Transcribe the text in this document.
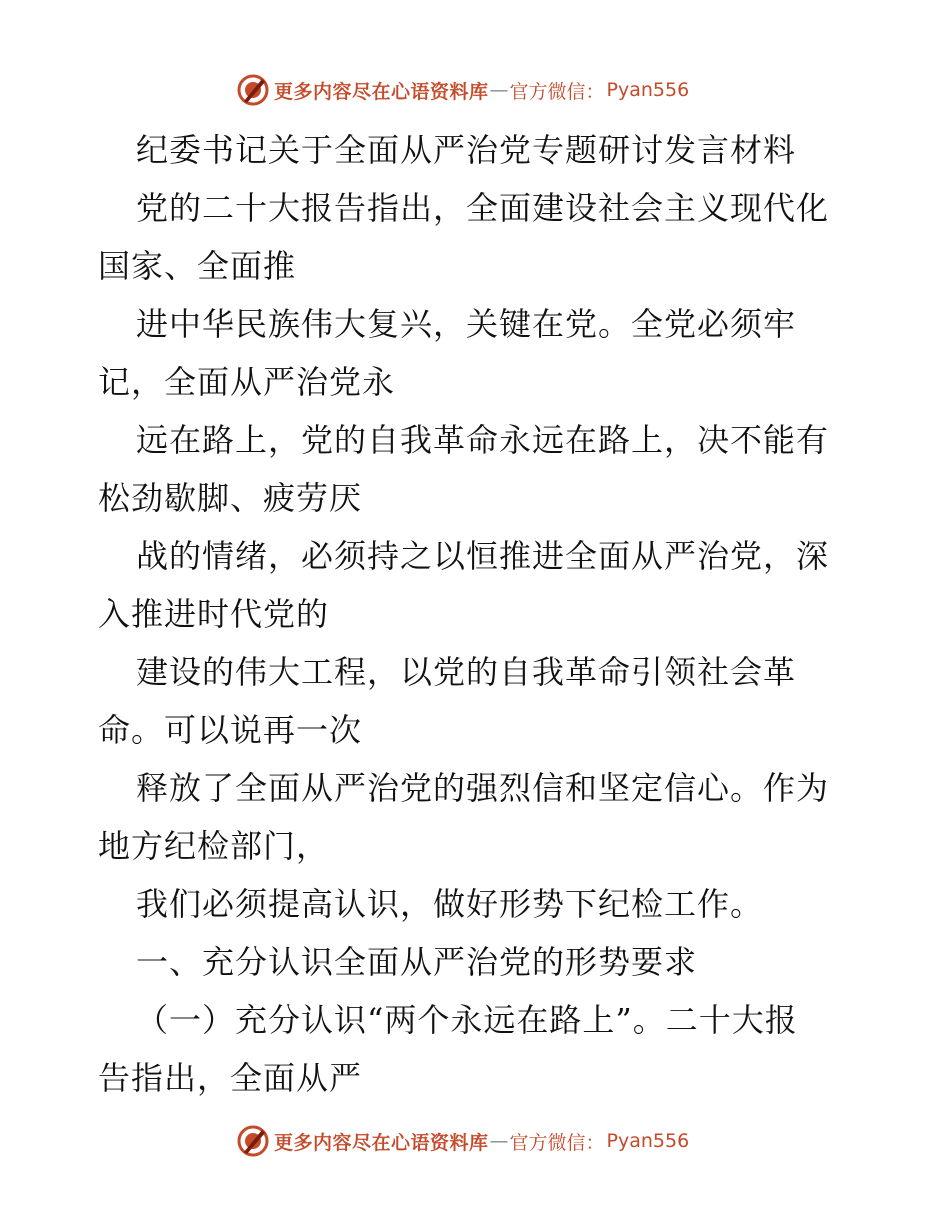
更多内容尽在心语资料库 — 官方微信： Pyan556
纪委书记关于全面从严治党专题研讨发言材料
党的二十大报告指出，全面建设社会主义现代化
国家、全面推
进中华民族伟大复兴，关键在党。全党必须牢
记，全面从严治党永
远在路上，党的自我革命永远在路上，决不能有
松劲歇脚、疲劳厌
战的情绪，必须持之以恒推进全面从严治党，深
入推进时代党的
建设的伟大工程，以党的自我革命引领社会革
命。可以说再一次
释放了全面从严治党的强烈信和坚定信心。作为
地方纪检部门，
我们必须提高认识，做好形势下纪检工作。
一、充分认识全面从严治党的形势要求
（一）充分认识“两个永远在路上”。二十大报
告指出，全面从严
更多内容尽在心语资料库 — 官方微信： Pyan556
